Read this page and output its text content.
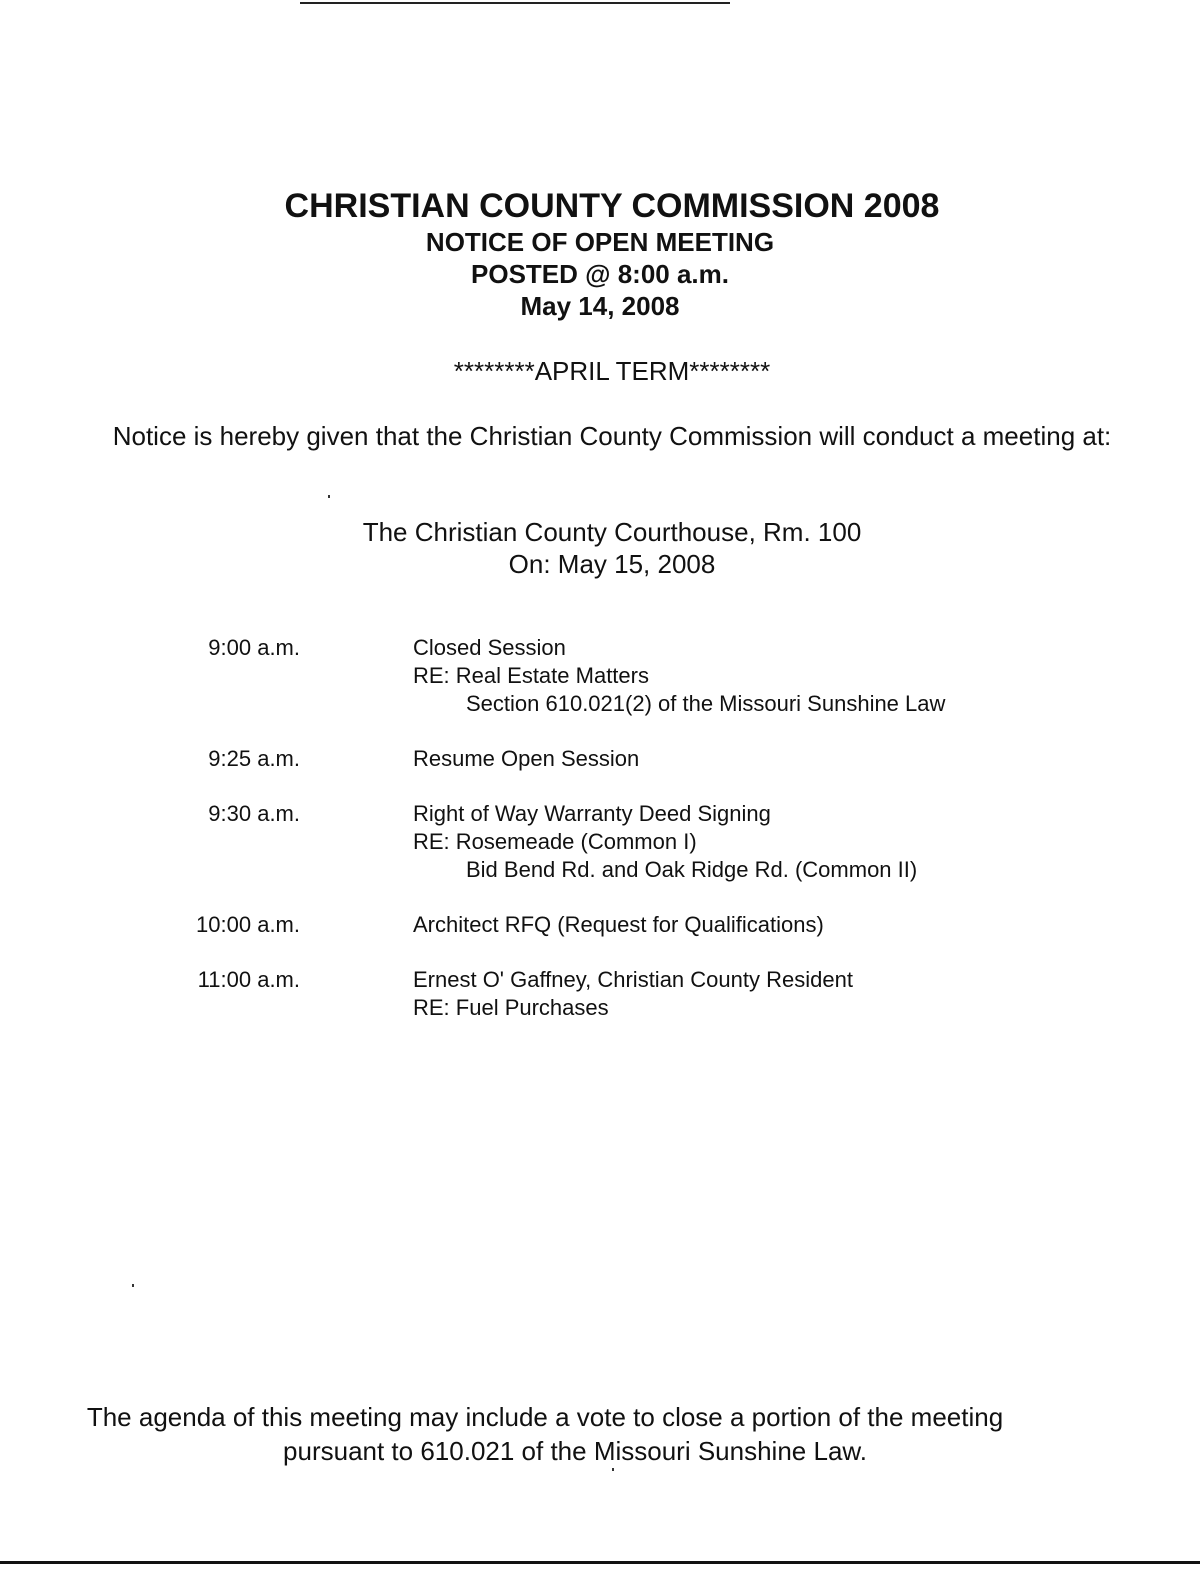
CHRISTIAN COUNTY COMMISSION 2008
NOTICE OF OPEN MEETING
POSTED @ 8:00 a.m.
May 14, 2008
********APRIL TERM********
Notice is hereby given that the Christian County Commission will conduct a meeting at:
The Christian County Courthouse, Rm. 100
On: May 15, 2008
9:00 a.m.	Closed Session
RE: Real Estate Matters
Section 610.021(2) of the Missouri Sunshine Law
9:25 a.m.	Resume Open Session
9:30 a.m.	Right of Way Warranty Deed Signing
RE: Rosemeade (Common I)
Bid Bend Rd. and Oak Ridge Rd. (Common II)
10:00 a.m.	Architect RFQ (Request for Qualifications)
11:00 a.m.	Ernest O' Gaffney, Christian County Resident
RE: Fuel Purchases
The agenda of this meeting may include a vote to close a portion of the meeting
pursuant to 610.021 of the Missouri Sunshine Law.
